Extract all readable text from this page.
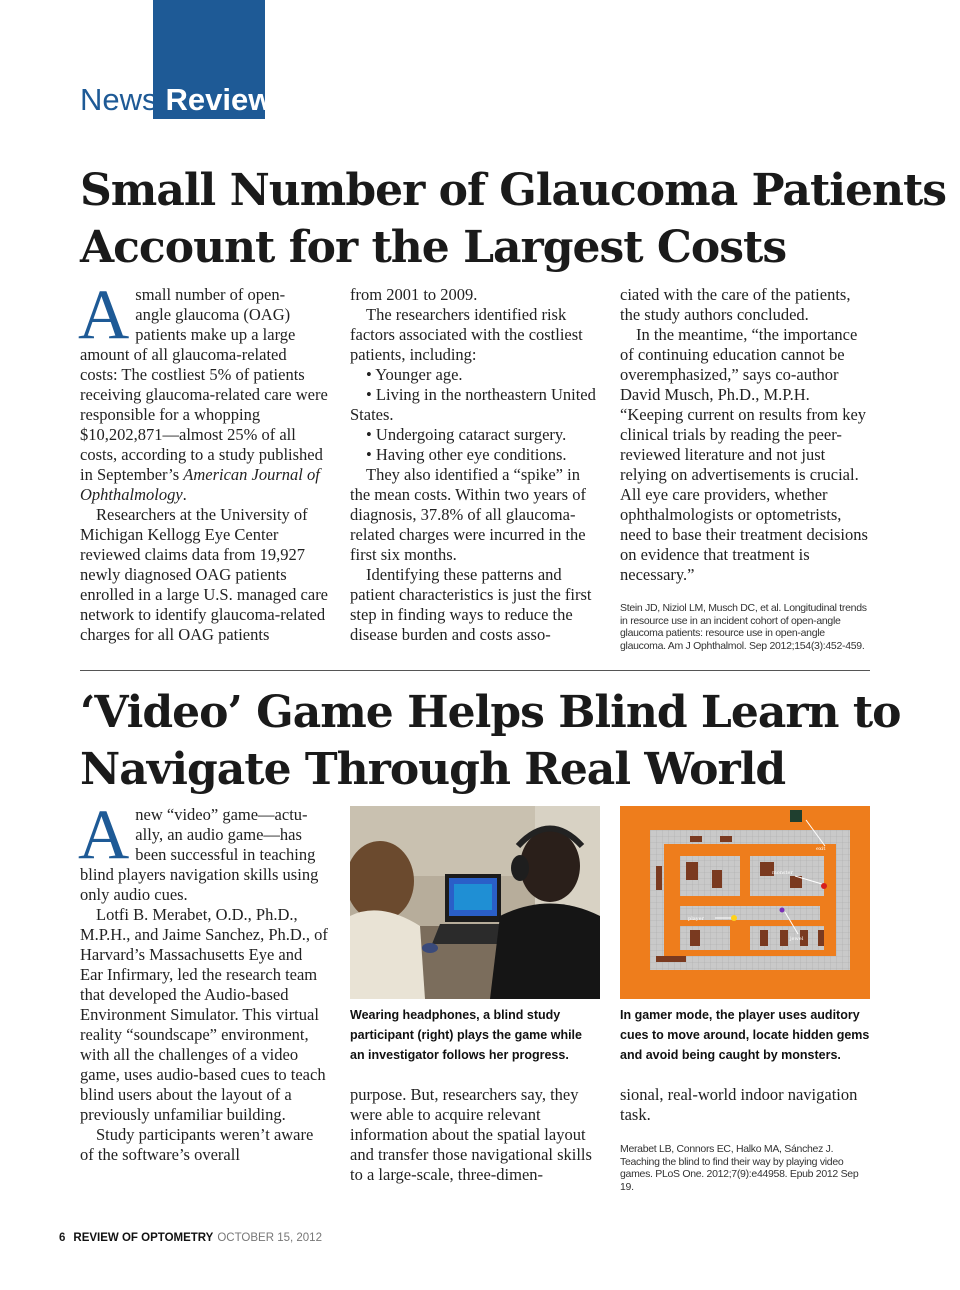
News Review
Small Number of Glaucoma Patients
Account for the Largest Costs

A small number of open-
angle glaucoma (OAG)
patients make up a large amount of all glaucoma-related costs: The costliest 5% of patients receiving glaucoma-related care were responsible for a whopping $10,202,871—almost 25% of all costs, according to a study published in September’s American Journal of Ophthalmology.

Researchers at the University of Michigan Kellogg Eye Center reviewed claims data from 19,927 newly diagnosed OAG patients enrolled in a large U.S. managed care network to identify glaucoma-related charges for all OAG patients

from 2001 to 2009.

The researchers identified risk factors associated with the costliest patients, including:

• Younger age.

• Living in the northeastern United States.

• Undergoing cataract surgery.

• Having other eye conditions.

They also identified a “spike” in the mean costs. Within two years of diagnosis, 37.8% of all glaucoma-related charges were incurred in the first six months.

Identifying these patterns and patient characteristics is just the first step in finding ways to reduce the disease burden and costs asso-

ciated with the care of the patients, the study authors concluded.

In the meantime, “the importance of continuing education cannot be overemphasized,” says co-author David Musch, Ph.D., M.P.H. “Keeping current on results from key clinical trials by reading the peer-reviewed literature and not just relying on advertisements is crucial. All eye care providers, whether ophthalmologists or optometrists, need to base their treatment decisions on evidence that treatment is necessary.”

Stein JD, Niziol LM, Musch DC, et al. Longitudinal trends in resource use in an incident cohort of open-angle glaucoma patients: resource use in open-angle glaucoma. Am J Ophthalmol. Sep 2012;154(3):452-459.
‘Video’ Game Helps Blind Learn to
Navigate Through Real World

A new “video” game—actu-
ally, an audio game—has
been successful in teaching blind players navigation skills using only audio cues.

Lotfi B. Merabet, O.D., Ph.D., M.P.H., and Jaime Sanchez, Ph.D., of Harvard’s Massachusetts Eye and Ear Infirmary, led the research team that developed the Audio-based Environment Simulator. This virtual reality “soundscape” environment, with all the challenges of a video game, uses audio-based cues to teach blind users about the layout of a previously unfamiliar building.

Study participants weren’t aware of the software’s overall

exit
monster
player
jewel
Wearing headphones, a blind study participant (right) plays the game while an investigator follows her progress.
In gamer mode, the player uses auditory cues to move around, locate hidden gems and avoid being caught by monsters.

purpose. But, researchers say, they were able to acquire relevant information about the spatial layout and transfer those navigational skills to a large-scale, three-dimen-

sional, real-world indoor navigation task.

Merabet LB, Connors EC, Halko MA, Sánchez J. Teaching the blind to find their way by playing video games. PLoS One. 2012;7(9):e44958. Epub 2012 Sep 19.
6 REVIEW OF OPTOMETRY OCTOBER 15, 2012
